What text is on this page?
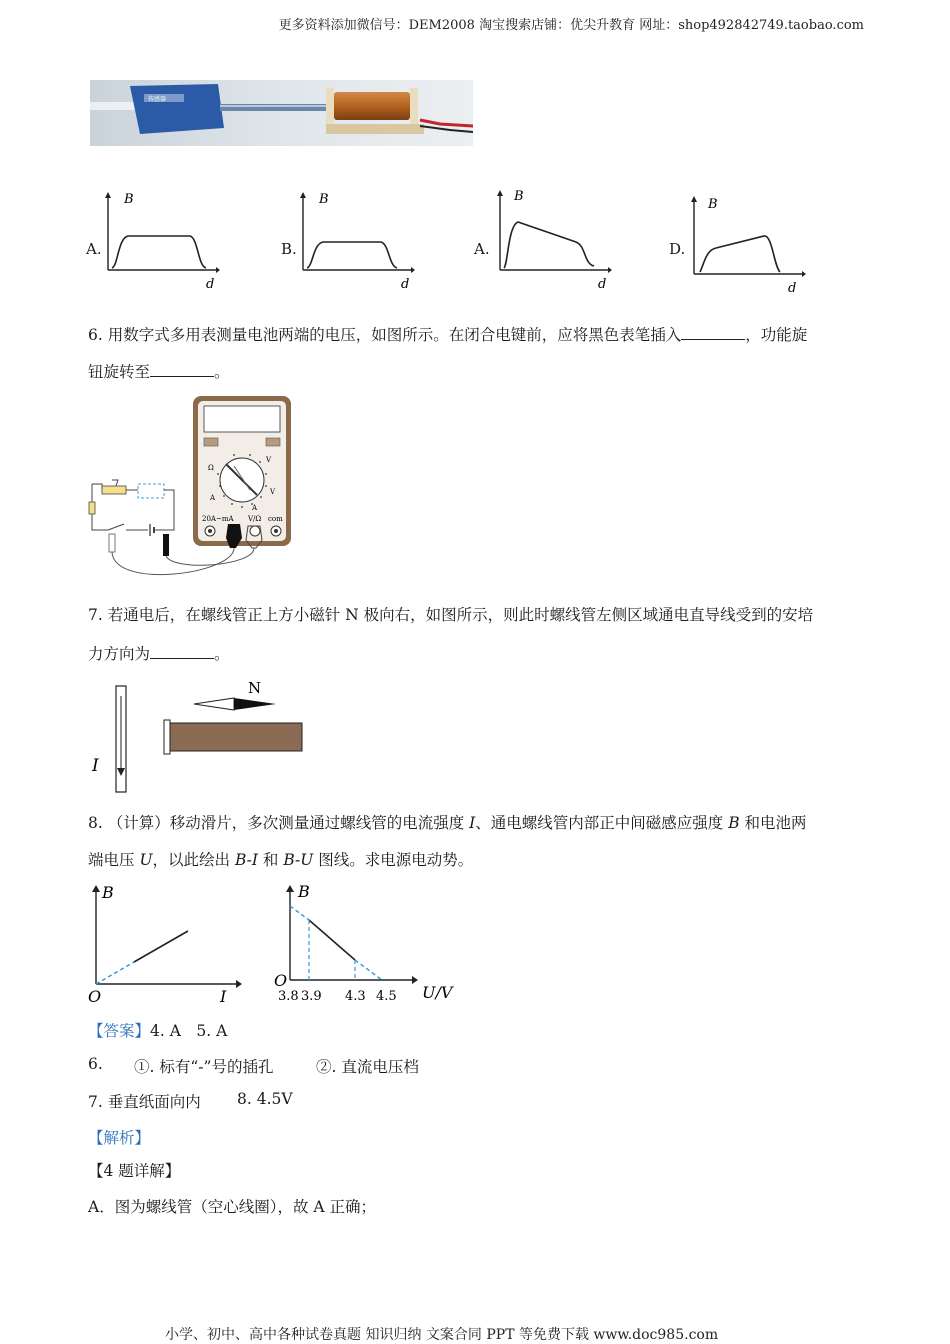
更多资料添加微信号：DEM2008 淘宝搜索店铺：优尖升教育 网址：shop492842749.taobao.com
传感器
A.	B.	A.	D.
B
d
B
d
B
d
B
d
6. 用数字式多用表测量电池两端的电压，如图所示。在闭合电键前，应将黑色表笔插入	，功能旋
钮旋转至	。
Ω
A
A
V
V
20A~mA V/Ω com
7. 若通电后，在螺线管正上方小磁针 N 极向右，如图所示，则此时螺线管左侧区域通电直导线受到的安培
力方向为	。
I
N
8. （计算）移动滑片，多次测量通过螺线管的电流强度 I、通电螺线管内部正中间磁感应强度 B 和电池两
端电压 U，以此绘出 B-I 和 B-U 图线。求电源电动势。
B
O	I
B
O
U/V
3.8 3.9 4.3 4.5
【答案】4. A　5. A
6. ①. 标有“-”号的插孔	②. 直流电压档
7. 垂直纸面向内 8. 4.5V
【解析】
【4 题详解】
A．图为螺线管（空心线圈），故 A 正确；
小学、初中、高中各种试卷真题 知识归纳 文案合同 PPT 等免费下载 www.doc985.com
